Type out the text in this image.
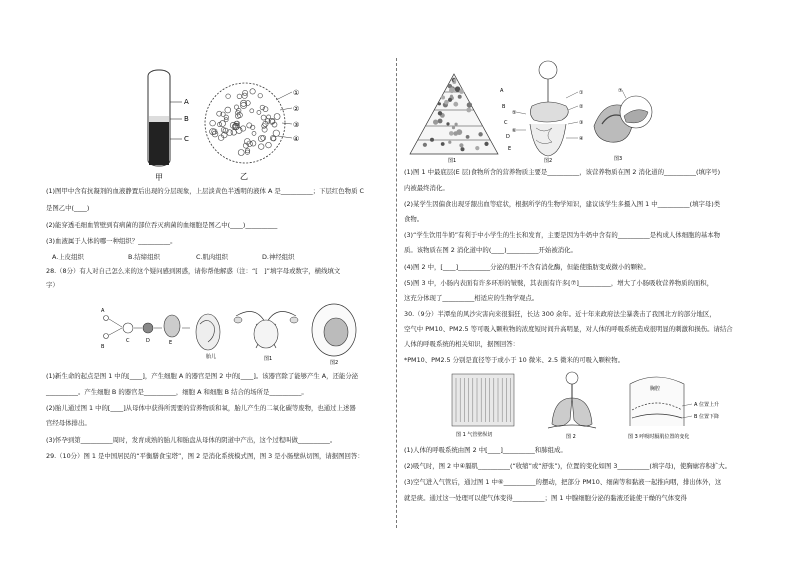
A
B
C
甲
①
②
③
④
乙
(1)图甲中含有抗凝剂的血液静置后出现的分层现象，上层淡黄色半透明的液体 A 是__________；下层红色物质 C
是图乙中(____)
(2)能穿透毛细血管壁到有病菌的部位吞灭病菌的血细胞是图乙中(____)__________
(3)血液属于人体的哪一种组织？__________。
A.上皮组织	B.结缔组织	C.肌肉组织	D.神经组织
28.（8分）有人对自己怎么来的这个疑问感到困惑，请你帮他解惑（注：“[　]”填字母或数字，横线填文
字）
A
B
C	D	E
胎儿	图1
图2
(1)新生命的起点是图 1 中的[____]，产生细胞 A 的器官是图 2 中的[____]。该器官除了能够产生 A，还能分泌
__________。产生细胞 B 的器官是__________，细胞 A 和细胞 B 结合的场所是__________。
(2)胎儿通过图 1 中的[____]从母体中获得所需要的营养物质和氧，胎儿产生的二氧化碳等废物，也通过上述器
官经母体排出。
(3)怀孕到第__________周时，发育成熟的胎儿和胎盘从母体的阴道中产出，这个过程叫做__________。
29.（10分）图 1 是中国居民的“平衡膳食宝塔”，图 2 是消化系统模式图，图 3 是小肠壁纵切图，请据图回答：
A
B
C
D
E
图1
①
②
③
④
⑤
⑥
图2
⑦
图3
(1)图 1 中最底层(E 层)食物所含的营养物质主要是__________，该营养物质在图 2 消化道的__________(填序号)
内被最终消化。
(2)某学生因偏食出现牙龈出血等症状，根据所学的生物学知识，建议该学生多摄入图 1 中__________(填字母)类
食物。
(3)“学生饮用牛奶”有利于中小学生的生长和发育，主要是因为牛奶中含有的__________是构成人体细胞的基本物
质。该物质在图 2 消化道中的(____)__________开始被消化。
(4)图 2 中，[____]__________分泌的胆汁不含有消化酶，但能使脂肪变成微小的颗粒。
(5)图 3 中，小肠内表面有许多环形的皱襞，其表面有许多[⑦]__________，增大了小肠吸收营养物质的面积，
这充分体现了__________相适应的生物学观点。
30.（9分）半潭垒的风沙灾害向来很猖狂，长达 300 余年。近十年来政府法尘暴袭击了我国北方的部分地区，
空气中 PM10、PM2.5 等可吸入颗粒物的浓度短时间升高明显，对人体的呼吸系统造成很明显的刺激和损伤。请结合
人体的呼吸系统的相关知识，据图回答：
*PM10、PM2.5 分别是直径等于或小于 10 微米、2.5 微米的可吸入颗粒物。
图 1 气管壁纵切	图 2
胸腔
A 位置上升
B 位置下降
图 3 呼吸时膈肌位置的变化
(1)人体的呼吸系统由图 2 中[____]__________和肺组成。
(2)吸气时，图 2 中④膈肌__________(“收缩”或“舒张”)，位置的变化如图 3__________(填字母)，使胸廓容积扩大。
(3)空气进入气管后，通过图 1 中⑥__________的摆动，把部分 PM10、细菌等和黏液一起推向咽，排出体外，这
就是痰。通过这一处理可以使气体变得__________；图 1 中腺细胞分泌的黏液还能使干燥的气体变得
